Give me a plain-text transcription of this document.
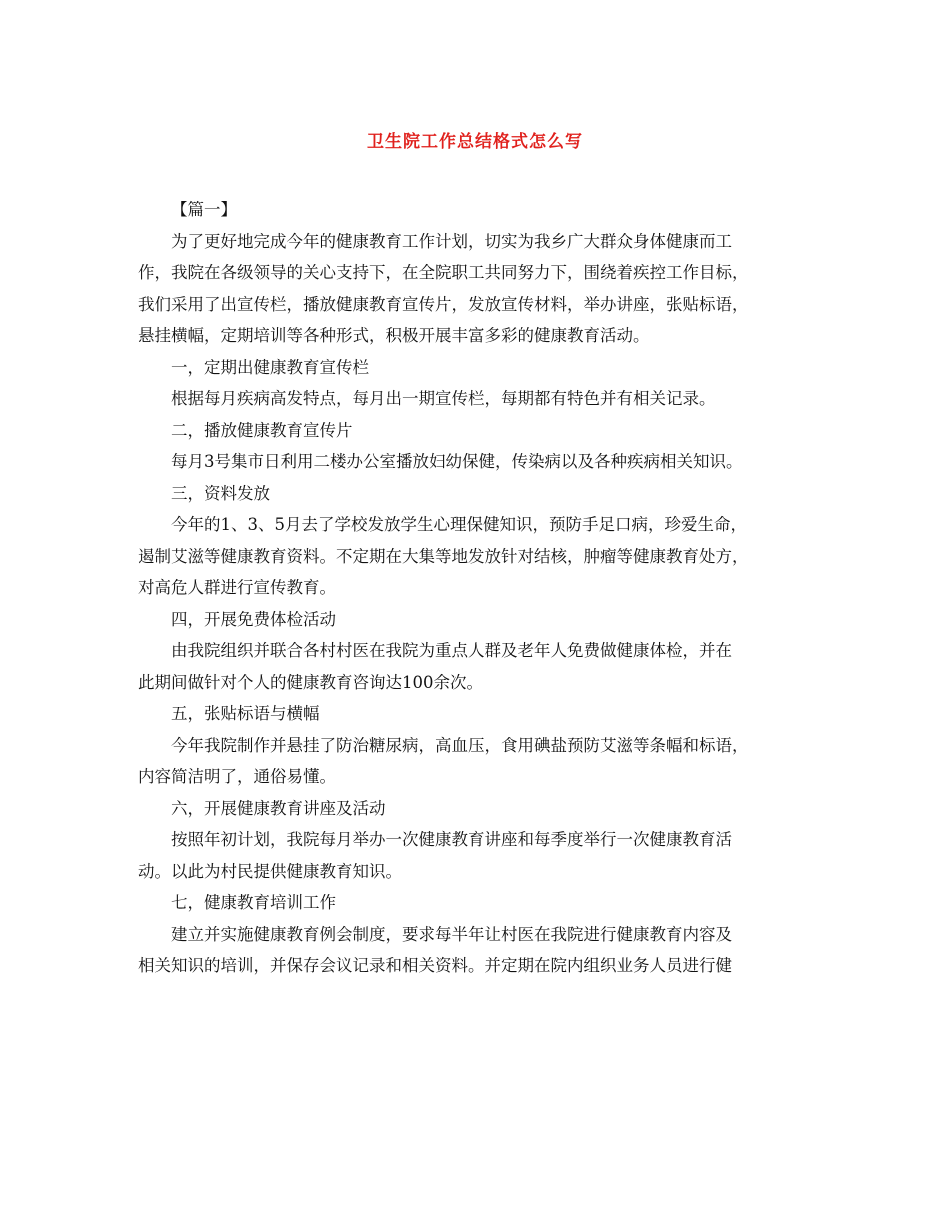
卫生院工作总结格式怎么写

【篇一】

为了更好地完成今年的健康教育工作计划，切实为我乡广大群众身体健康而工
作，我院在各级领导的关心支持下，在全院职工共同努力下，围绕着疾控工作目标，
我们采用了出宣传栏，播放健康教育宣传片，发放宣传材料，举办讲座，张贴标语，
悬挂横幅，定期培训等各种形式，积极开展丰富多彩的健康教育活动。

一，定期出健康教育宣传栏

根据每月疾病高发特点，每月出一期宣传栏，每期都有特色并有相关记录。

二，播放健康教育宣传片

每月3号集市日利用二楼办公室播放妇幼保健，传染病以及各种疾病相关知识。

三，资料发放

今年的1、3、5月去了学校发放学生心理保健知识，预防手足口病，珍爱生命，
遏制艾滋等健康教育资料。不定期在大集等地发放针对结核，肿瘤等健康教育处方，
对高危人群进行宣传教育。

四，开展免费体检活动

由我院组织并联合各村村医在我院为重点人群及老年人免费做健康体检，并在
此期间做针对个人的健康教育咨询达100余次。

五，张贴标语与横幅

今年我院制作并悬挂了防治糖尿病，高血压，食用碘盐预防艾滋等条幅和标语，
内容简洁明了，通俗易懂。

六，开展健康教育讲座及活动

按照年初计划，我院每月举办一次健康教育讲座和每季度举行一次健康教育活
动。以此为村民提供健康教育知识。

七，健康教育培训工作

建立并实施健康教育例会制度，要求每半年让村医在我院进行健康教育内容及
相关知识的培训，并保存会议记录和相关资料。并定期在院内组织业务人员进行健
